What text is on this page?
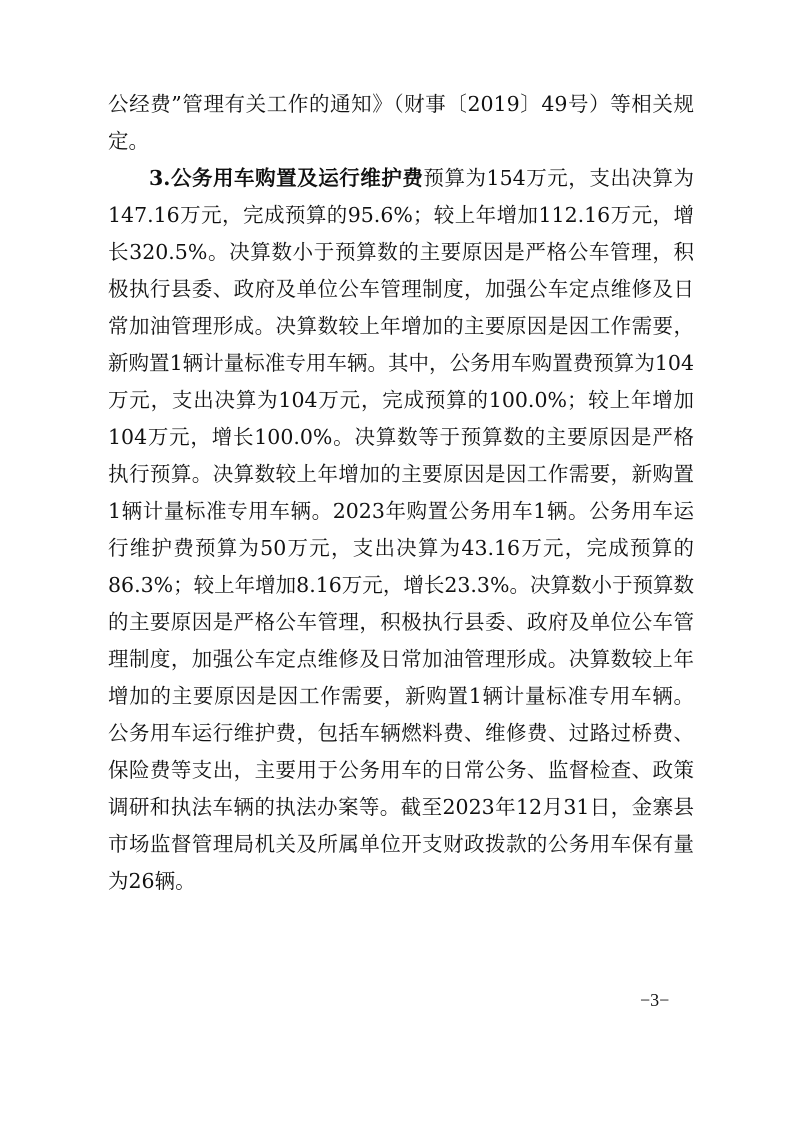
公经费”管理有关工作的通知》（财事〔2019〕49号）等相关规定。

3.公务用车购置及运行维护费预算为154万元，支出决算为147.16万元，完成预算的95.6%；较上年增加112.16万元，增长320.5%。决算数小于预算数的主要原因是严格公车管理，积极执行县委、政府及单位公车管理制度，加强公车定点维修及日常加油管理形成。决算数较上年增加的主要原因是因工作需要，新购置1辆计量标准专用车辆。其中，公务用车购置费预算为104万元，支出决算为104万元，完成预算的100.0%；较上年增加104万元，增长100.0%。决算数等于预算数的主要原因是严格执行预算。决算数较上年增加的主要原因是因工作需要，新购置1辆计量标准专用车辆。2023年购置公务用车1辆。公务用车运行维护费预算为50万元，支出决算为43.16万元，完成预算的86.3%；较上年增加8.16万元，增长23.3%。决算数小于预算数的主要原因是严格公车管理，积极执行县委、政府及单位公车管理制度，加强公车定点维修及日常加油管理形成。决算数较上年增加的主要原因是因工作需要，新购置1辆计量标准专用车辆。公务用车运行维护费，包括车辆燃料费、维修费、过路过桥费、保险费等支出，主要用于公务用车的日常公务、监督检查、政策调研和执法车辆的执法办案等。截至2023年12月31日，金寨县市场监督管理局机关及所属单位开支财政拨款的公务用车保有量为26辆。

−3−
